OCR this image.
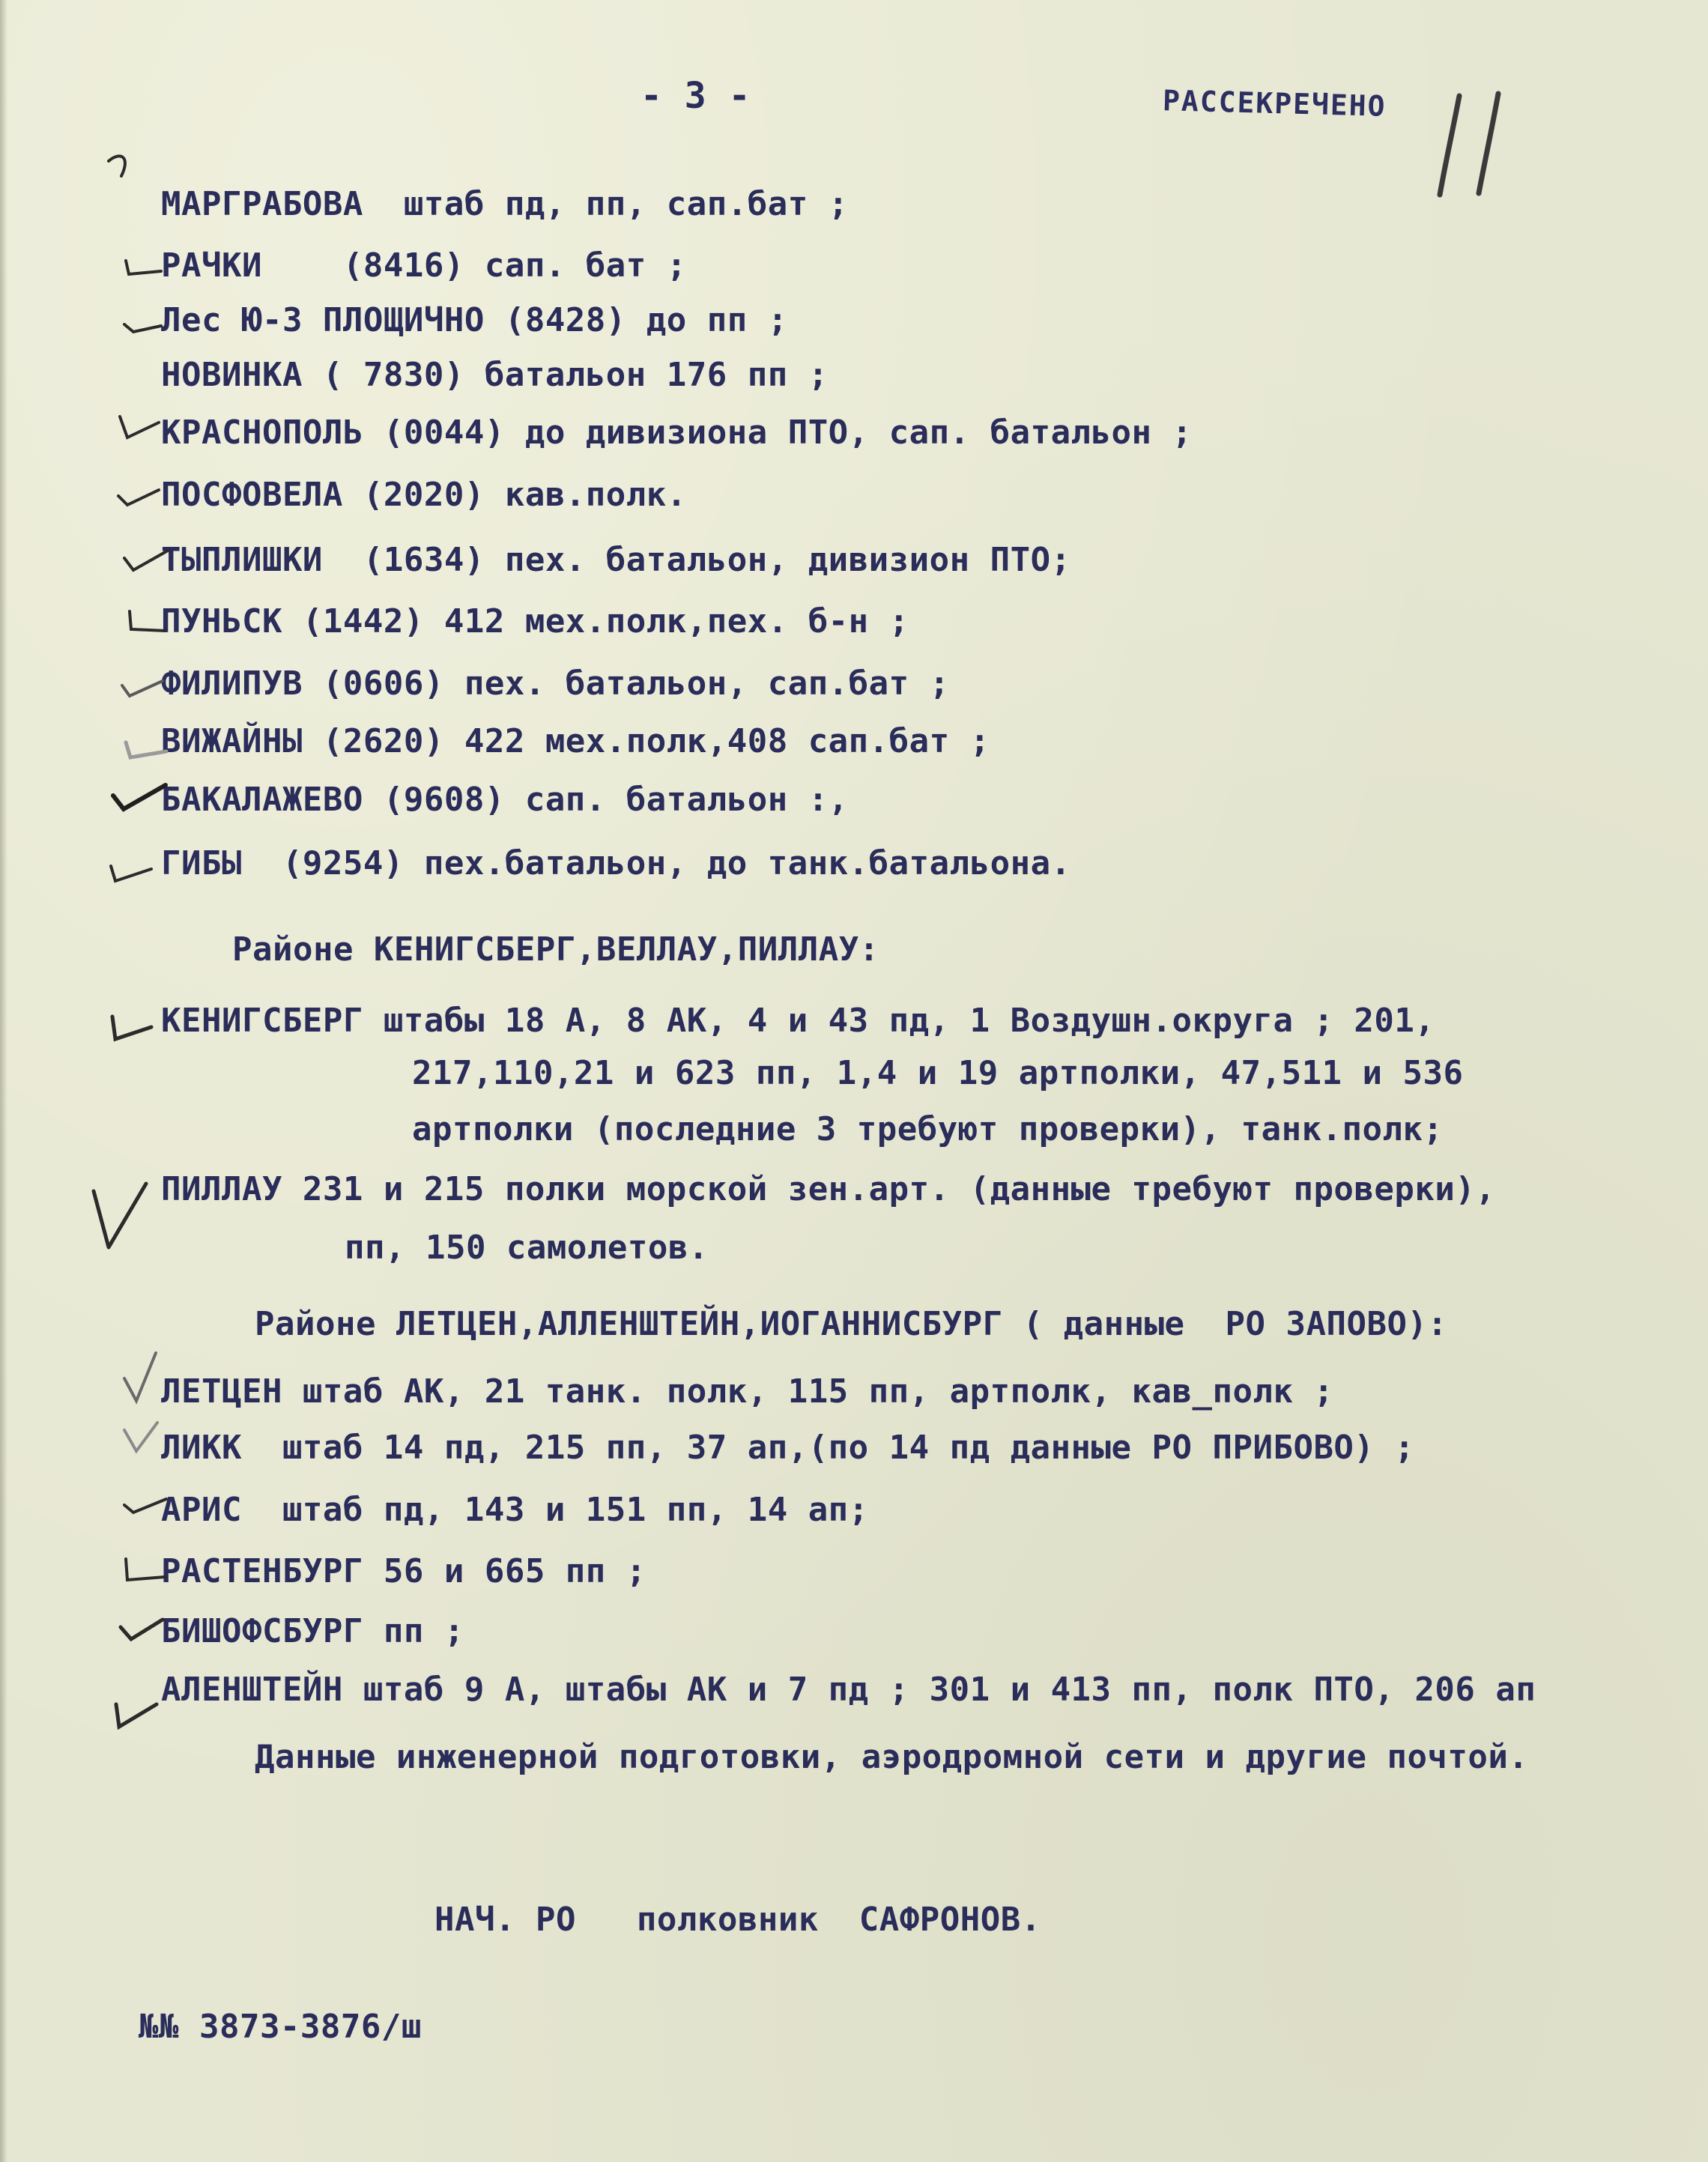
- 3 -	РАССЕКРЕЧЕНО
МАРГРАБОВА  штаб пд, пп, сап.бат ;
РАЧКИ    (8416) сап. бат ;
Лес Ю-З ПЛОЩИЧНО (8428) до пп ;
НОВИНКА ( 7830) батальон 176 пп ;
КРАСНОПОЛЬ (0044) до дивизиона ПТО, сап. батальон ;
ПОСФОВЕЛА (2020) кав.полк.
ТЫПЛИШКИ  (1634) пех. батальон, дивизион ПТО;
ПУНЬСК (1442) 412 мех.полк,пех. б-н ;
ФИЛИПУВ (0606) пех. батальон, сап.бат ;
ВИЖАЙНЫ (2620) 422 мех.полк,408 сап.бат ;
БАКАЛАЖЕВО (9608) сап. батальон :,
ГИБЫ  (9254) пех.батальон, до танк.батальона.
Районе КЕНИГСБЕРГ,ВЕЛЛАУ,ПИЛЛАУ:
КЕНИГСБЕРГ штабы 18 А, 8 АК, 4 и 43 пд, 1 Воздушн.округа ; 201,
217,110,21 и 623 пп, 1,4 и 19 артполки, 47,511 и 536
артполки (последние 3 требуют проверки), танк.полк;
ПИЛЛАУ 231 и 215 полки морской зен.арт. (данные требуют проверки),
пп, 150 самолетов.
Районе ЛЕТЦЕН,АЛЛЕНШТЕЙН,ИОГАННИСБУРГ ( данные  РО ЗАПОВО):
ЛЕТЦЕН штаб АК, 21 танк. полк, 115 пп, артполк, кав_полк ;
ЛИКК  штаб 14 пд, 215 пп, 37 ап,(по 14 пд данные РО ПРИБОВО) ;
АРИС  штаб пд, 143 и 151 пп, 14 ап;
РАСТЕНБУРГ 56 и 665 пп ;
БИШОФСБУРГ пп ;
АЛЕНШТЕЙН штаб 9 А, штабы АК и 7 пд ; 301 и 413 пп, полк ПТО, 206 ап
Данные инженерной подготовки, аэродромной сети и другие почтой.
НАЧ. РО   полковник  САФРОНОВ.
№№ 3873-3876/ш
